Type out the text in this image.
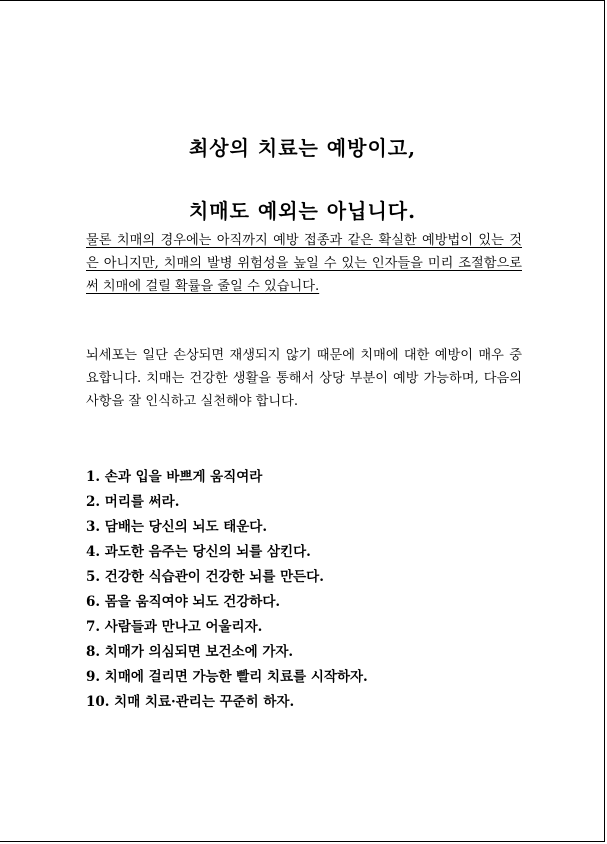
최상의 치료는 예방이고,
치매도 예외는 아닙니다.

물론 치매의 경우에는 아직까지 예방 접종과 같은 확실한 예방법이 있는 것은 아니지만, 치매의 발병 위험성을 높일 수 있는 인자들을 미리 조절함으로써 치매에 걸릴 확률을 줄일 수 있습니다.

뇌세포는 일단 손상되면 재생되지 않기 때문에 치매에 대한 예방이 매우 중요합니다. 치매는 건강한 생활을 통해서 상당 부분이 예방 가능하며, 다음의 사항을 잘 인식하고 실천해야 합니다.

1. 손과 입을 바쁘게 움직여라
2. 머리를 써라.
3. 담배는 당신의 뇌도 태운다.
4. 과도한 음주는 당신의 뇌를 삼킨다.
5. 건강한 식습관이 건강한 뇌를 만든다.
6. 몸을 움직여야 뇌도 건강하다.
7. 사람들과 만나고 어울리자.
8. 치매가 의심되면 보건소에 가자.
9. 치매에 걸리면 가능한 빨리 치료를 시작하자.
10. 치매 치료·관리는 꾸준히 하자.
